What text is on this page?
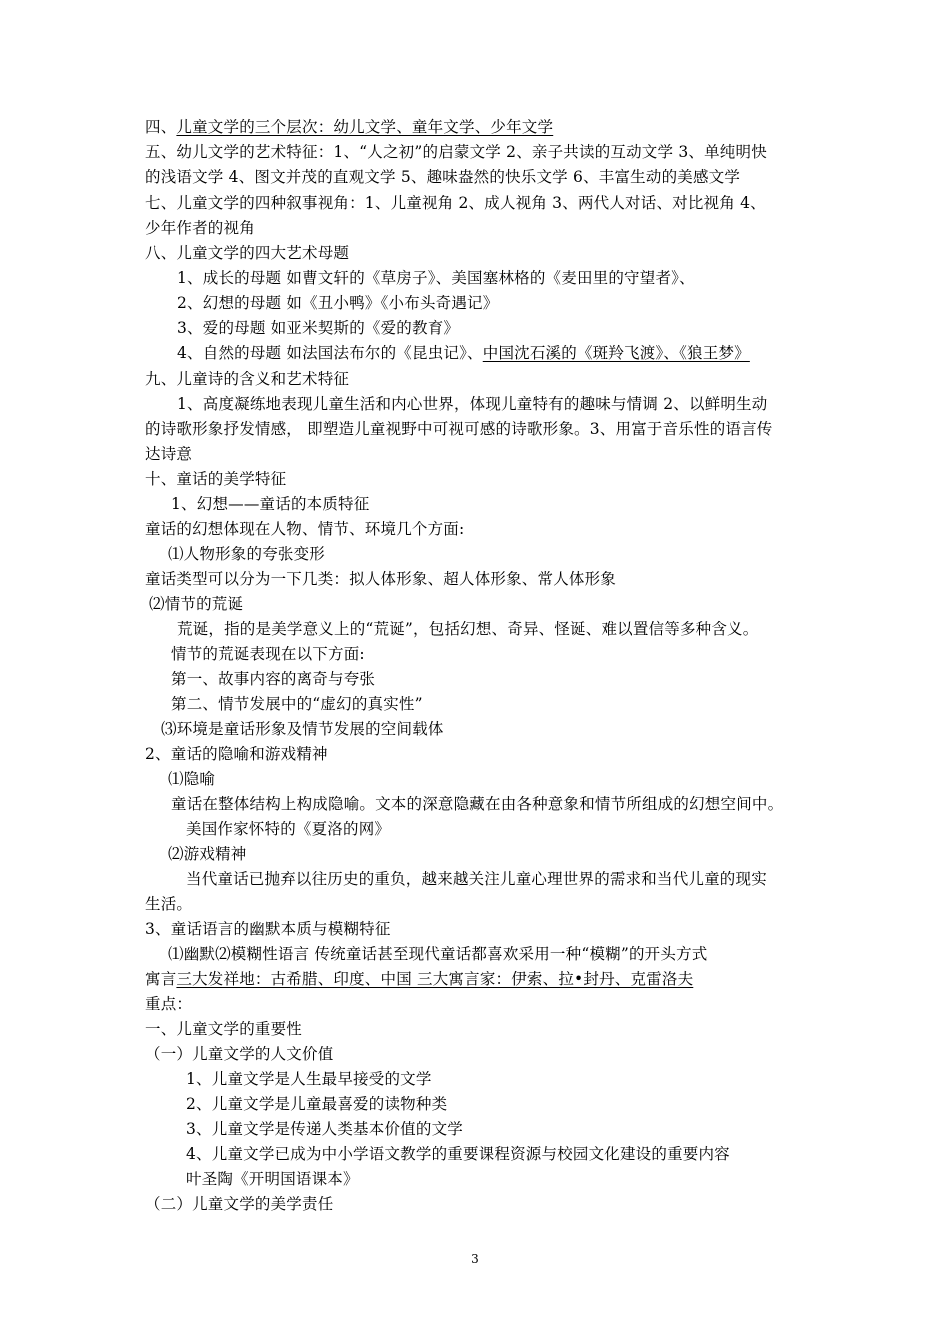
四、儿童文学的三个层次：幼儿文学、童年文学、少年文学
五、幼儿文学的艺术特征：1、“人之初”的启蒙文学 2、亲子共读的互动文学 3、单纯明快
的浅语文学 4、图文并茂的直观文学 5、趣味盎然的快乐文学 6、丰富生动的美感文学
七、儿童文学的四种叙事视角：1、儿童视角 2、成人视角 3、两代人对话、对比视角 4、
少年作者的视角
八、儿童文学的四大艺术母题
1、成长的母题 如曹文轩的《草房子》、美国塞林格的《麦田里的守望者》、
2、幻想的母题 如《丑小鸭》《小布头奇遇记》
3、爱的母题 如亚米契斯的《爱的教育》
4、自然的母题 如法国法布尔的《昆虫记》、中国沈石溪的《斑羚飞渡》、《狼王梦》
九、儿童诗的含义和艺术特征
1、高度凝练地表现儿童生活和内心世界，体现儿童特有的趣味与情调 2、以鲜明生动
的诗歌形象抒发情感， 即塑造儿童视野中可视可感的诗歌形象。3、用富于音乐性的语言传
达诗意
十、童话的美学特征
1、幻想——童话的本质特征
童话的幻想体现在人物、情节、环境几个方面:
⑴人物形象的夸张变形
童话类型可以分为一下几类：拟人体形象、超人体形象、常人体形象
⑵情节的荒诞
荒诞，指的是美学意义上的“荒诞”，包括幻想、奇异、怪诞、难以置信等多种含义。
情节的荒诞表现在以下方面:
第一、故事内容的离奇与夸张
第二、情节发展中的“虚幻的真实性”
⑶环境是童话形象及情节发展的空间载体
2、童话的隐喻和游戏精神
⑴隐喻
童话在整体结构上构成隐喻。文本的深意隐藏在由各种意象和情节所组成的幻想空间中。
美国作家怀特的《夏洛的网》
⑵游戏精神
当代童话已抛弃以往历史的重负，越来越关注儿童心理世界的需求和当代儿童的现实
生活。
3、童话语言的幽默本质与模糊特征
⑴幽默⑵模糊性语言 传统童话甚至现代童话都喜欢采用一种“模糊”的开头方式
寓言三大发祥地：古希腊、印度、中国 三大寓言家：伊索、拉•封丹、克雷洛夫
重点：
一、儿童文学的重要性
（一）儿童文学的人文价值
1、儿童文学是人生最早接受的文学
2、儿童文学是儿童最喜爱的读物种类
3、儿童文学是传递人类基本价值的文学
4、儿童文学已成为中小学语文教学的重要课程资源与校园文化建设的重要内容
叶圣陶《开明国语课本》
（二）儿童文学的美学责任
3
